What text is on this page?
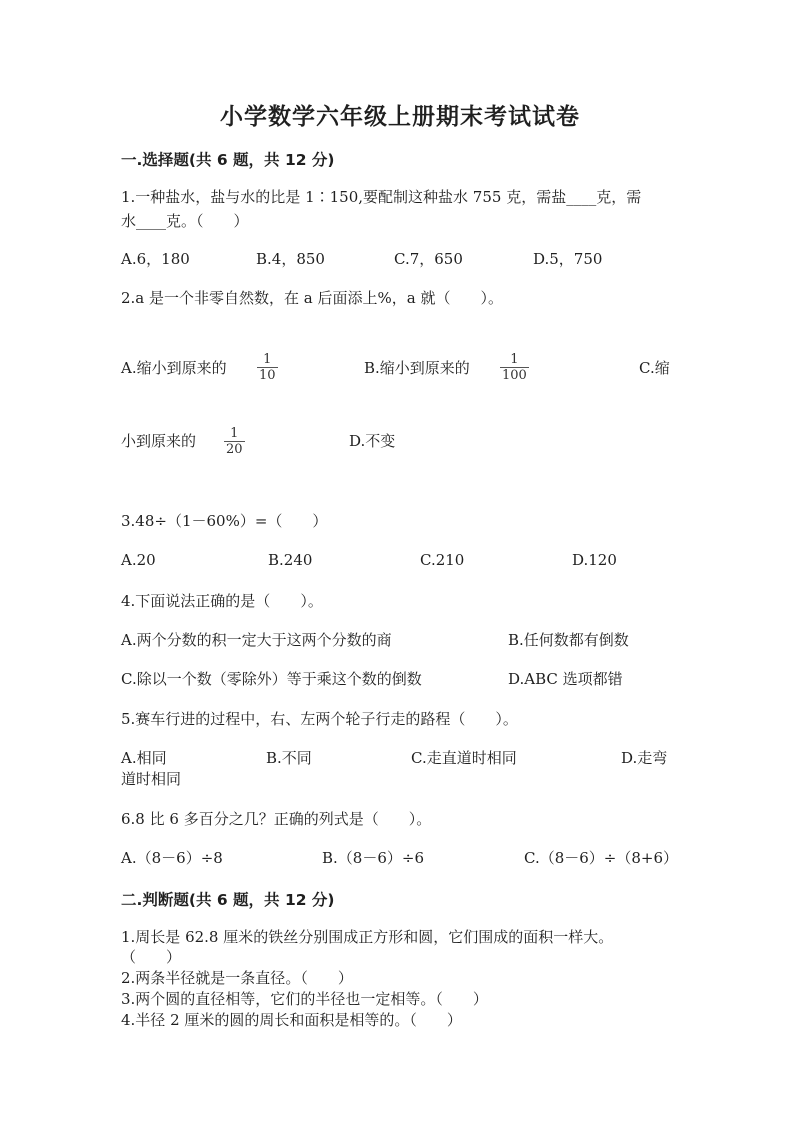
小学数学六年级上册期末考试试卷
一.选择题(共 6 题，共 12 分)
1.一种盐水，盐与水的比是 1∶150,要配制这种盐水 755 克，需盐____克，需
水____克。（　　）
A.6，180	B.4，850	C.7，650	D.5，750
2.a 是一个非零自然数，在 a 后面添上%，a 就（　　）。
A.缩小到原来的	1
10	B.缩小到原来的	1
100	C.缩
小到原来的	1
20	D.不变
3.48÷（1－60%）=（　　）
A.20	B.240	C.210	D.120
4.下面说法正确的是（　　）。
A.两个分数的积一定大于这两个分数的商	B.任何数都有倒数
C.除以一个数（零除外）等于乘这个数的倒数	D.ABC 选项都错
5.赛车行进的过程中，右、左两个轮子行走的路程（　　）。
A.相同	B.不同	C.走直道时相同	D.走弯
道时相同
6.8 比 6 多百分之几？正确的列式是（　　）。
A.（8－6）÷8	B.（8－6）÷6	C.（8－6）÷（8+6）
二.判断题(共 6 题，共 12 分)
1.周长是 62.8 厘米的铁丝分别围成正方形和圆，它们围成的面积一样大。
（　　）
2.两条半径就是一条直径。（　　）
3.两个圆的直径相等，它们的半径也一定相等。（　　）
4.半径 2 厘米的圆的周长和面积是相等的。（　　）
